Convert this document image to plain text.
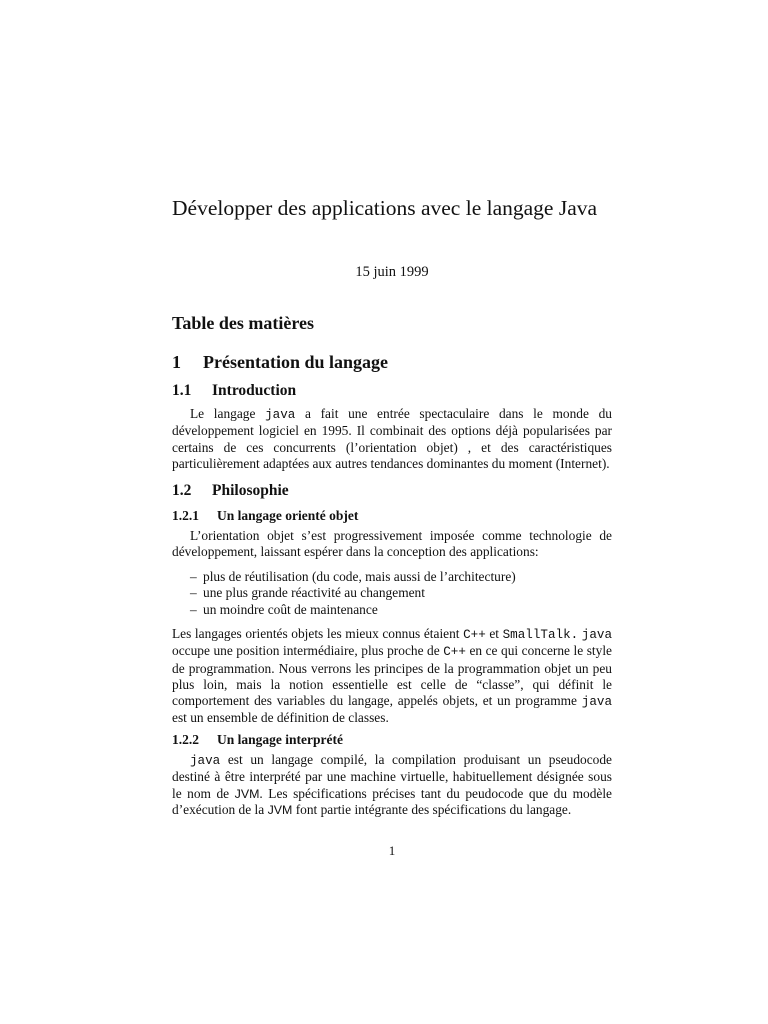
Développer des applications avec le langage Java
15 juin 1999
Table des matières
1 Présentation du langage
1.1 Introduction

Le langage java a fait une entrée spectaculaire dans le monde du développement logiciel en 1995. Il combinait des options déjà popularisées par certains de ces concurrents (l’orientation objet) , et des caractéristiques particulièrement adaptées aux autres tendances dominantes du moment (Internet).

1.2 Philosophie
1.2.1 Un langage orienté objet

L’orientation objet s’est progressivement imposée comme technologie de développement, laissant espérer dans la conception des applications:

– plus de réutilisation (du code, mais aussi de l’architecture)
– une plus grande réactivité au changement
– un moindre coût de maintenance

Les langages orientés objets les mieux connus étaient C++ et SmallTalk. java occupe une position intermédiaire, plus proche de C++ en ce qui concerne le style de programmation. Nous verrons les principes de la programmation objet un peu plus loin, mais la notion essentielle est celle de “classe”, qui définit le comportement des variables du langage, appelés objets, et un programme java est un ensemble de définition de classes.

1.2.2 Un langage interprété

java est un langage compilé, la compilation produisant un pseudocode destiné à être interprété par une machine virtuelle, habituellement désignée sous le nom de JVM. Les spécifications précises tant du peudocode que du modèle d’exécution de la JVM font partie intégrante des spécifications du langage.

1
